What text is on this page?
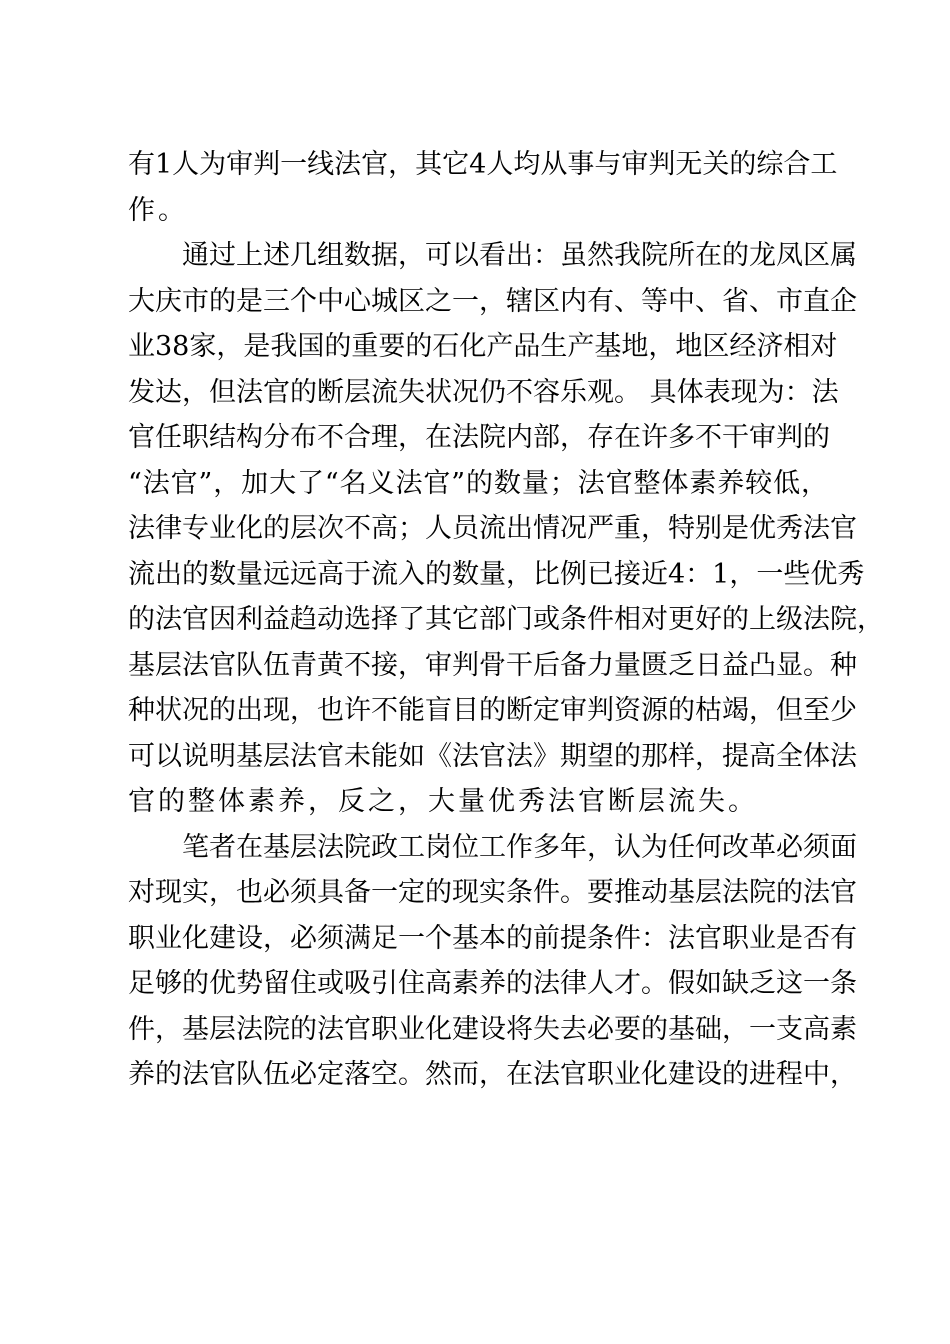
有1人为审判一线法官，其它4人均从事与审判无关的综合工
作。
通过上述几组数据，可以看出：虽然我院所在的龙凤区属
大庆市的是三个中心城区之一，辖区内有、等中、省、市直企
业38家，是我国的重要的石化产品生产基地，地区经济相对
发达，但法官的断层流失状况仍不容乐观。 具体表现为：法
官任职结构分布不合理，在法院内部，存在许多不干审判的
“法官”，加大了“名义法官”的数量；法官整体素养较低，
法律专业化的层次不高；人员流出情况严重，特别是优秀法官
流出的数量远远高于流入的数量，比例已接近4：1，一些优秀
的法官因利益趋动选择了其它部门或条件相对更好的上级法院，
基层法官队伍青黄不接，审判骨干后备力量匮乏日益凸显。种
种状况的出现，也许不能盲目的断定审判资源的枯竭，但至少
可以说明基层法官未能如《法官法》期望的那样，提高全体法
官的整体素养，反之，大量优秀法官断层流失。
笔者在基层法院政工岗位工作多年，认为任何改革必须面
对现实，也必须具备一定的现实条件。要推动基层法院的法官
职业化建设，必须满足一个基本的前提条件：法官职业是否有
足够的优势留住或吸引住高素养的法律人才。假如缺乏这一条
件，基层法院的法官职业化建设将失去必要的基础，一支高素
养的法官队伍必定落空。然而，在法官职业化建设的进程中，
